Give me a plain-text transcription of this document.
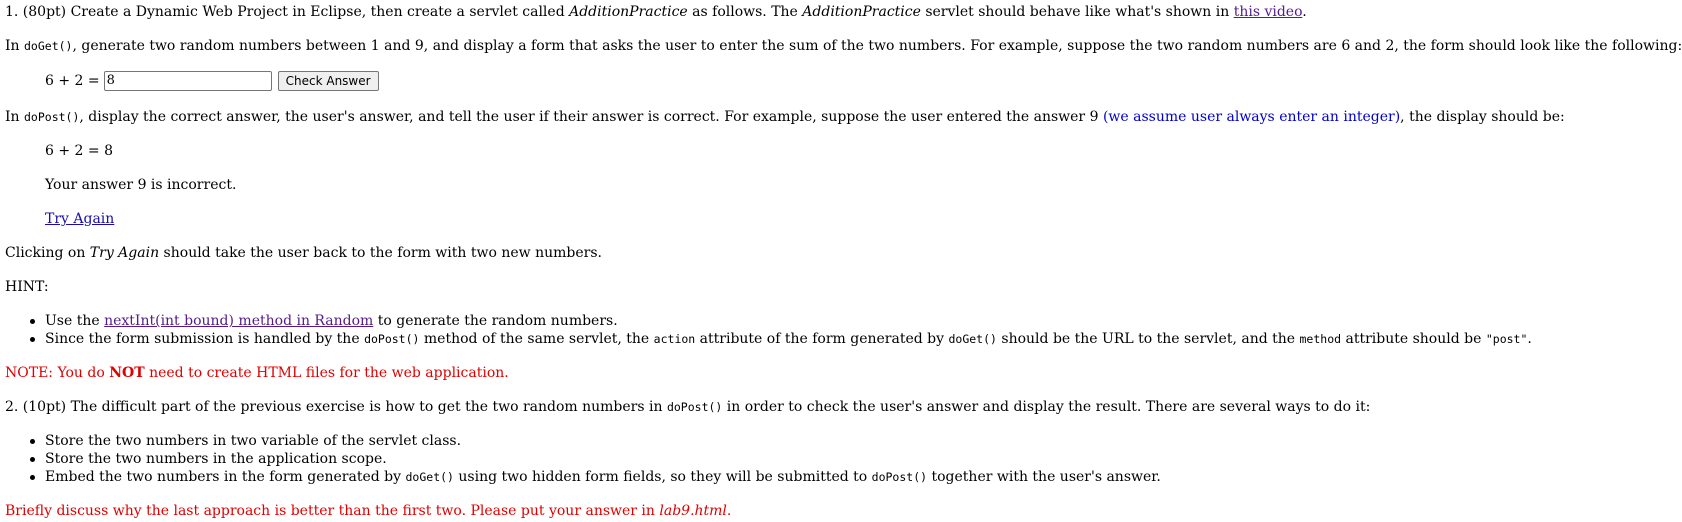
1. (80pt) Create a Dynamic Web Project in Eclipse, then create a servlet called AdditionPractice as follows. The AdditionPractice servlet should behave like what's shown in this video.
In doGet(), generate two random numbers between 1 and 9, and display a form that asks the user to enter the sum of the two numbers. For example, suppose the two random numbers are 6 and 2, the form should look like the following:
6 + 2 =
8	Check Answer
In doPost(), display the correct answer, the user's answer, and tell the user if their answer is correct. For example, suppose the user entered the answer 9 (we assume user always enter an integer), the display should be:
6 + 2 = 8
Your answer 9 is incorrect.
Try Again
Clicking on Try Again should take the user back to the form with two new numbers.
HINT:
Use the nextInt(int bound) method in Random to generate the random numbers.
Since the form submission is handled by the doPost() method of the same servlet, the action attribute of the form generated by doGet() should be the URL to the servlet, and the method attribute should be "post".
NOTE: You do NOT need to create HTML files for the web application.
2. (10pt) The difficult part of the previous exercise is how to get the two random numbers in doPost() in order to check the user's answer and display the result. There are several ways to do it:
Store the two numbers in two variable of the servlet class.
Store the two numbers in the application scope.
Embed the two numbers in the form generated by doGet() using two hidden form fields, so they will be submitted to doPost() together with the user's answer.
Briefly discuss why the last approach is better than the first two. Please put your answer in lab9.html.
